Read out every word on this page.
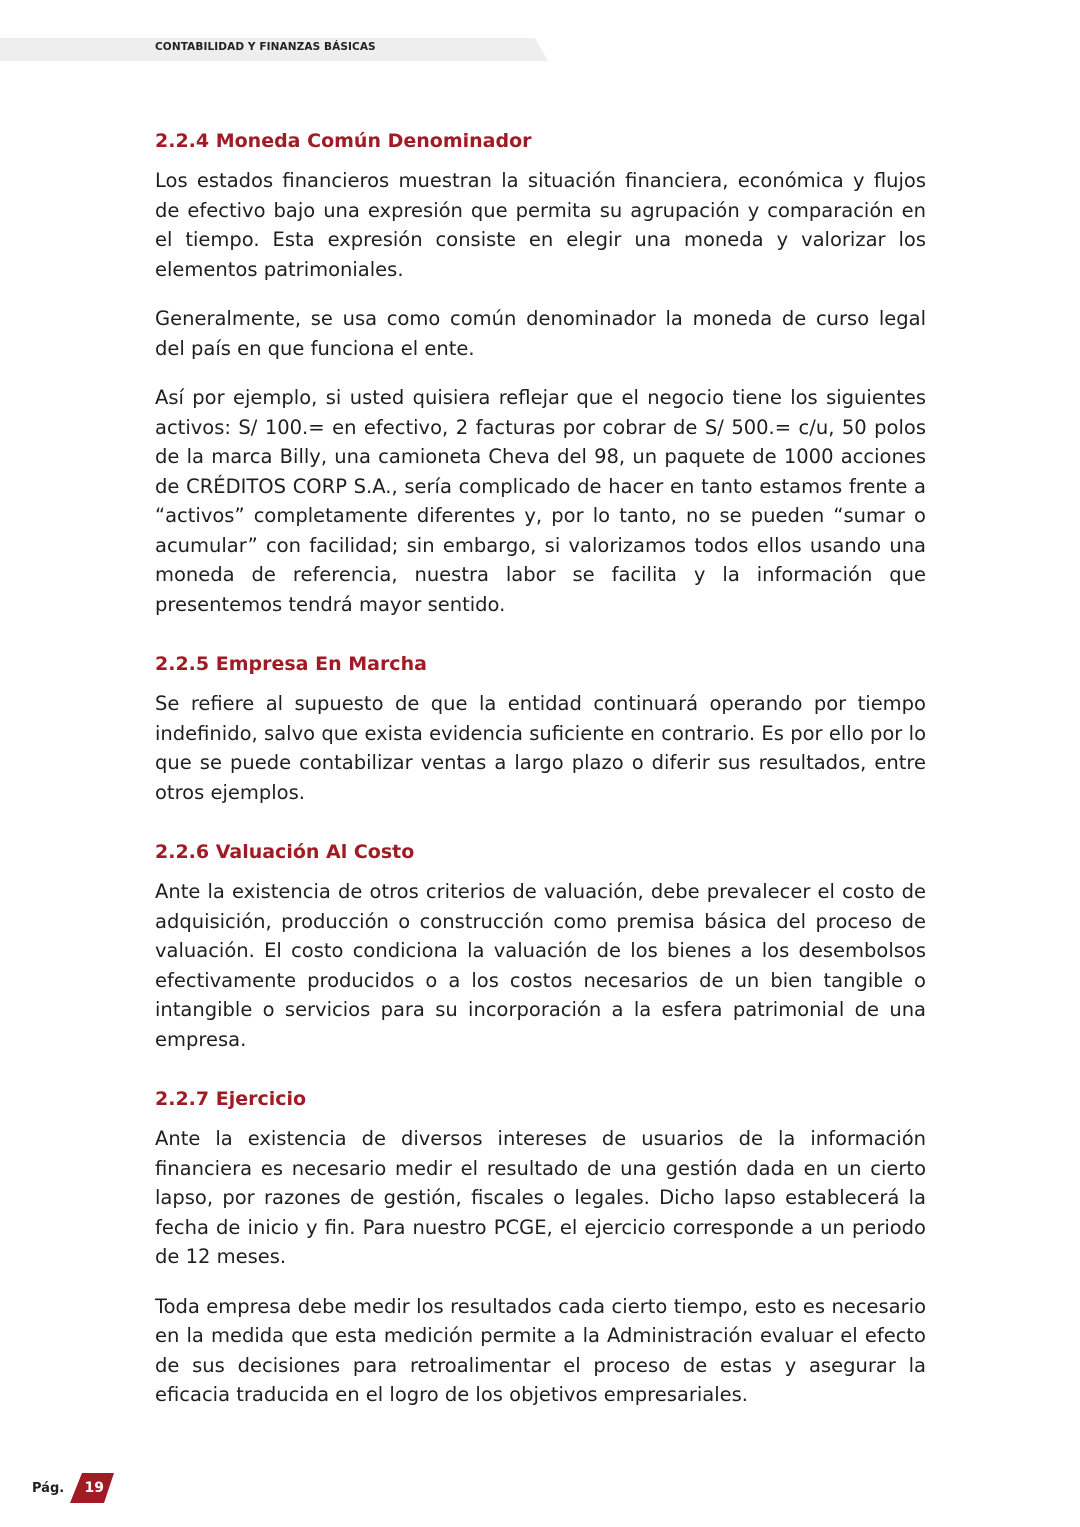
CONTABILIDAD Y FINANZAS BÁSICAS
2.2.4 Moneda Común Denominador

Los estados financieros muestran la situación financiera, económica y flujos de efectivo bajo una expresión que permita su agrupación y comparación en el tiempo. Esta expresión consiste en elegir una moneda y valorizar los elementos patrimoniales.

Generalmente, se usa como común denominador la moneda de curso legal del país en que funciona el ente.

Así por ejemplo, si usted quisiera reflejar que el negocio tiene los siguientes activos: S/ 100.= en efectivo, 2 facturas por cobrar de S/ 500.= c/u, 50 polos de la marca Billy, una camioneta Cheva del 98, un paquete de 1000 acciones de CRÉDITOS CORP S.A., sería complicado de hacer en tanto estamos frente a “activos” completamente diferentes y, por lo tanto, no se pueden “sumar o acumular” con facilidad; sin embargo, si valorizamos todos ellos usando una moneda de referencia, nuestra labor se facilita y la información que presentemos tendrá mayor sentido.

2.2.5 Empresa En Marcha

Se refiere al supuesto de que la entidad continuará operando por tiempo indefinido, salvo que exista evidencia suficiente en contrario. Es por ello por lo que se puede contabilizar ventas a largo plazo o diferir sus resultados, entre otros ejemplos.

2.2.6 Valuación Al Costo

Ante la existencia de otros criterios de valuación, debe prevalecer el costo de adquisición, producción o construcción como premisa básica del proceso de valuación. El costo condiciona la valuación de los bienes a los desembolsos efectivamente producidos o a los costos necesarios de un bien tangible o intangible o servicios para su incorporación a la esfera patrimonial de una empresa.

2.2.7 Ejercicio

Ante la existencia de diversos intereses de usuarios de la información financiera es necesario medir el resultado de una gestión dada en un cierto lapso, por razones de gestión, fiscales o legales. Dicho lapso establecerá la fecha de inicio y fin. Para nuestro PCGE, el ejercicio corresponde a un periodo de 12 meses.

Toda empresa debe medir los resultados cada cierto tiempo, esto es necesario en la medida que esta medición permite a la Administración evaluar el efecto de sus decisiones para retroalimentar el proceso de estas y asegurar la eficacia traducida en el logro de los objetivos empresariales.

Pág. 19
